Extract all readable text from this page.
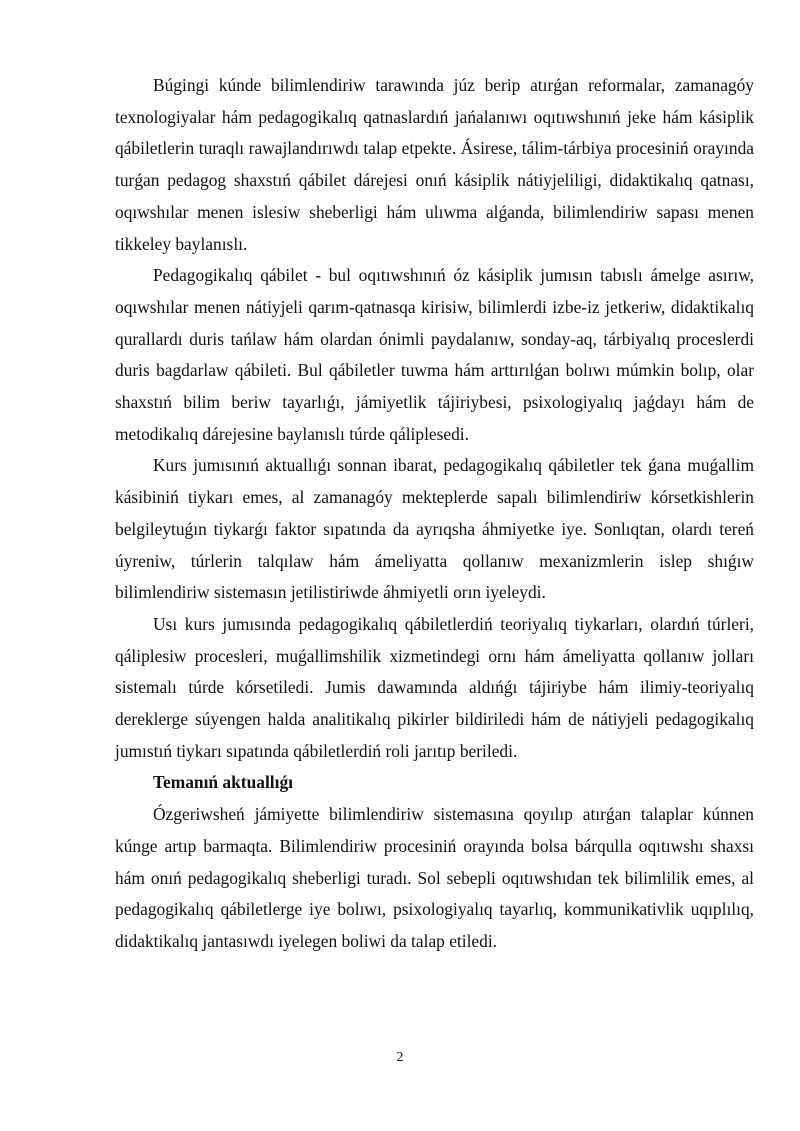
Búgingi kúnde bilimlendiriw tarawında júz berip atırǵan reformalar, zamanagóy texnologiyalar hám pedagogikalıq qatnaslardıń jańalanıwı oqıtıwshınıń jeke hám kásiplik qábiletlerin turaqlı rawajlandırıwdı talap etpekte. Ásirese, tálim-tárbiya procesiniń orayında turǵan pedagog shaxstıń qábilet dárejesi onıń kásiplik nátiyjeliligi, didaktikalıq qatnası, oqıwshılar menen islesiw sheberligi hám ulıwma alǵanda, bilimlendiriw sapası menen tikkeley baylanıslı.

Pedagogikalıq qábilet - bul oqıtıwshınıń óz kásiplik jumısın tabıslı ámelge asırıw, oqıwshılar menen nátiyjeli qarım-qatnasqa kirisiw, bilimlerdi izbe-iz jetkeriw, didaktikalıq qurallardı duris tańlaw hám olardan ónimli paydalanıw, sonday-aq, tárbiyalıq proceslerdi duris bagdarlaw qábileti. Bul qábiletler tuwma hám arttırılǵan bolıwı múmkin bolıp, olar shaxstıń bilim beriw tayarlıǵı, jámiyetlik tájiriybesi, psixologiyalıq jaǵdayı hám de metodikalıq dárejesine baylanıslı túrde qáliplesedi.

Kurs jumısınıń aktuallıǵı sonnan ibarat, pedagogikalıq qábiletler tek ǵana muǵallim kásibiniń tiykarı emes, al zamanagóy mekteplerde sapalı bilimlendiriw kórsetkishlerin belgileytuǵın tiykarǵı faktor sıpatında da ayrıqsha áhmiyetke iye. Sonlıqtan, olardı tereń úyreniw, túrlerin talqılaw hám ámeliyatta qollanıw mexanizmlerin islep shıǵıw bilimlendiriw sistemasın jetilistiriwde áhmiyetli orın iyeleydi.

Usı kurs jumısında pedagogikalıq qábiletlerdiń teoriyalıq tiykarları, olardıń túrleri, qáliplesiw procesleri, muǵallimshilik xizmetindegi ornı hám ámeliyatta qollanıw jolları sistemalı túrde kórsetiledi. Jumis dawamında aldıńǵı tájiriybe hám ilimiy-teoriyalıq dereklerge súyengen halda analitikalıq pikirler bildiriledi hám de nátiyjeli pedagogikalıq jumıstıń tiykarı sıpatında qábiletlerdiń roli jarıtıp beriledi.

Temanıń aktuallıǵı

Ózgeriwsheń jámiyette bilimlendiriw sistemasına qoyılıp atırǵan talaplar kúnnen kúnge artıp barmaqta. Bilimlendiriw procesiniń orayında bolsa bárqulla oqıtıwshı shaxsı hám onıń pedagogikalıq sheberligi turadı. Sol sebepli oqıtıwshıdan tek bilimlilik emes, al pedagogikalıq qábiletlerge iye bolıwı, psixologiyalıq tayarlıq, kommunikativlik uqıplılıq, didaktikalıq jantasıwdı iyelegen boliwi da talap etiledi.

2
